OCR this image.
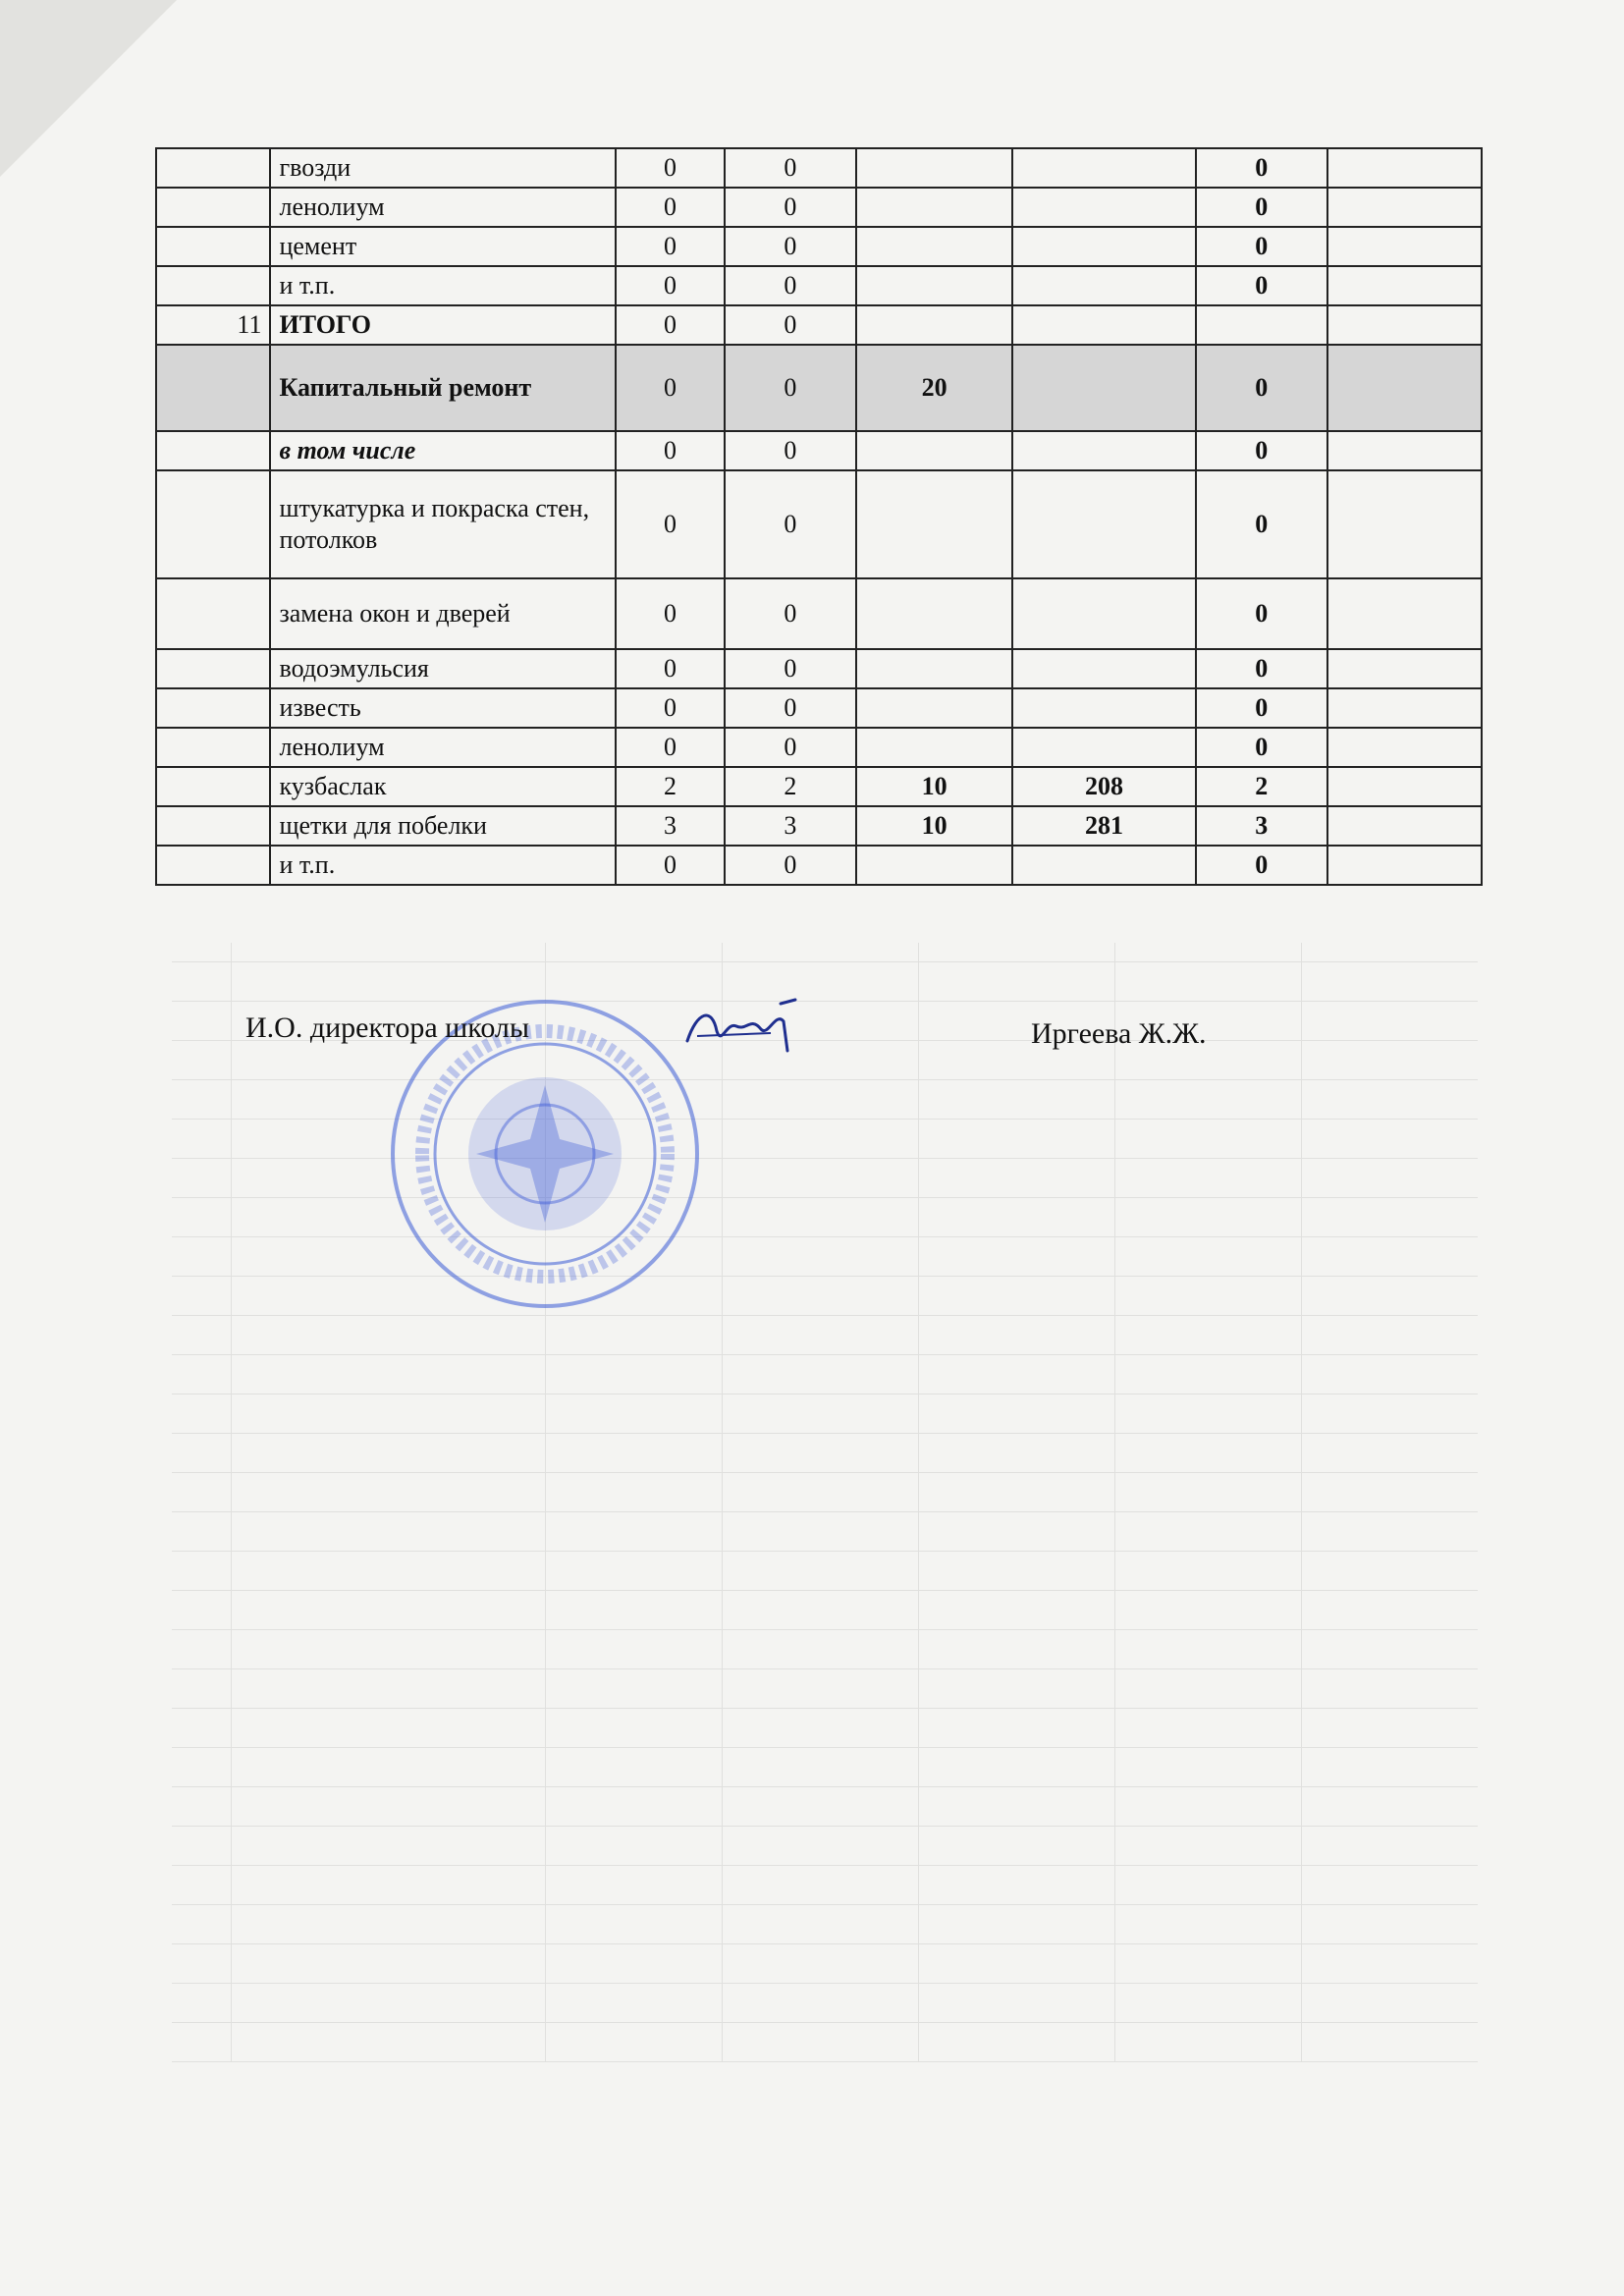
	гвозди	0	0			0	
	ленолиум	0	0			0	
	цемент	0	0			0	
	и т.п.	0	0			0	
11	ИТОГО	0	0				
	Капитальный ремонт	0	0	20		0	
	в том числе	0	0			0	
	штукатурка и покраска стен, потолков	0	0			0	
	замена окон и дверей	0	0			0	
	водоэмульсия	0	0			0	
	известь	0	0			0	
	ленолиум	0	0			0	
	кузбаслак	2	2	10	208	2	
	щетки для побелки	3	3	10	281	3	
	и т.п.	0	0			0	
И.О. директора школы	Иргеева Ж.Ж.
